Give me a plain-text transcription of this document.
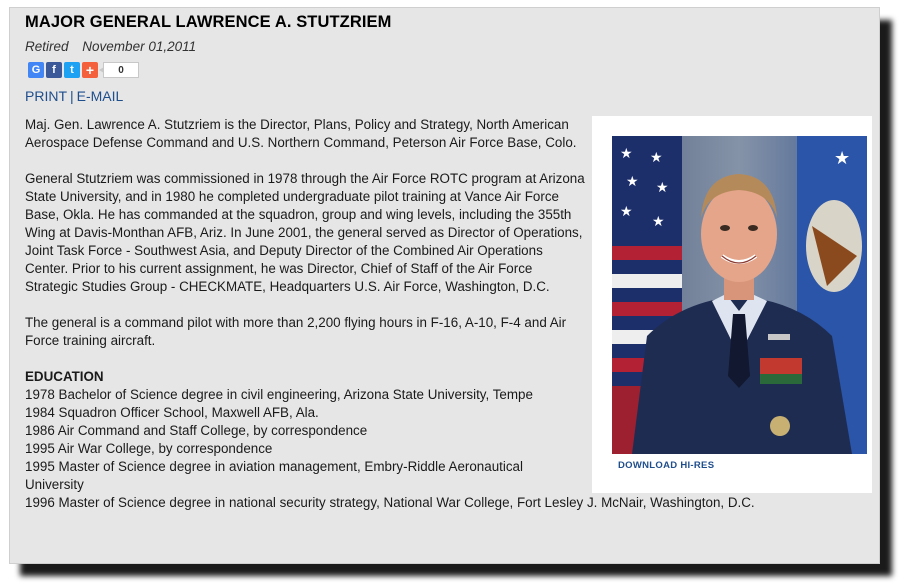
MAJOR GENERAL LAWRENCE A. STUTZRIEM
Retired November 01,2011
G	f	t +	0
PRINT | E-MAIL

Maj. Gen. Lawrence A. Stutzriem is the Director, Plans, Policy and Strategy, North American Aerospace Defense Command and U.S. Northern Command, Peterson Air Force Base, Colo.

General Stutzriem was commissioned in 1978 through the Air Force ROTC program at Arizona State University, and in 1980 he completed undergraduate pilot training at Vance Air Force Base, Okla. He has commanded at the squadron, group and wing levels, including the 355th Wing at Davis-Monthan AFB, Ariz. In June 2001, the general served as Director of Operations, Joint Task Force - Southwest Asia, and Deputy Director of the Combined Air Operations Center. Prior to his current assignment, he was Director, Chief of Staff of the Air Force Strategic Studies Group - CHECKMATE, Headquarters U.S. Air Force, Washington, D.C.

The general is a command pilot with more than 2,200 flying hours in F-16, A-10, F-4 and Air Force training aircraft.

EDUCATION
1978 Bachelor of Science degree in civil engineering, Arizona State University, Tempe
1984 Squadron Officer School, Maxwell AFB, Ala.
1986 Air Command and Staff College, by correspondence
1995 Air War College, by correspondence
1995 Master of Science degree in aviation management, Embry-Riddle Aeronautical University
1996 Master of Science degree in national security strategy, National War College, Fort Lesley J. McNair, Washington, D.C.
★ ★
★ ★
★
★
★
DOWNLOAD HI-RES
